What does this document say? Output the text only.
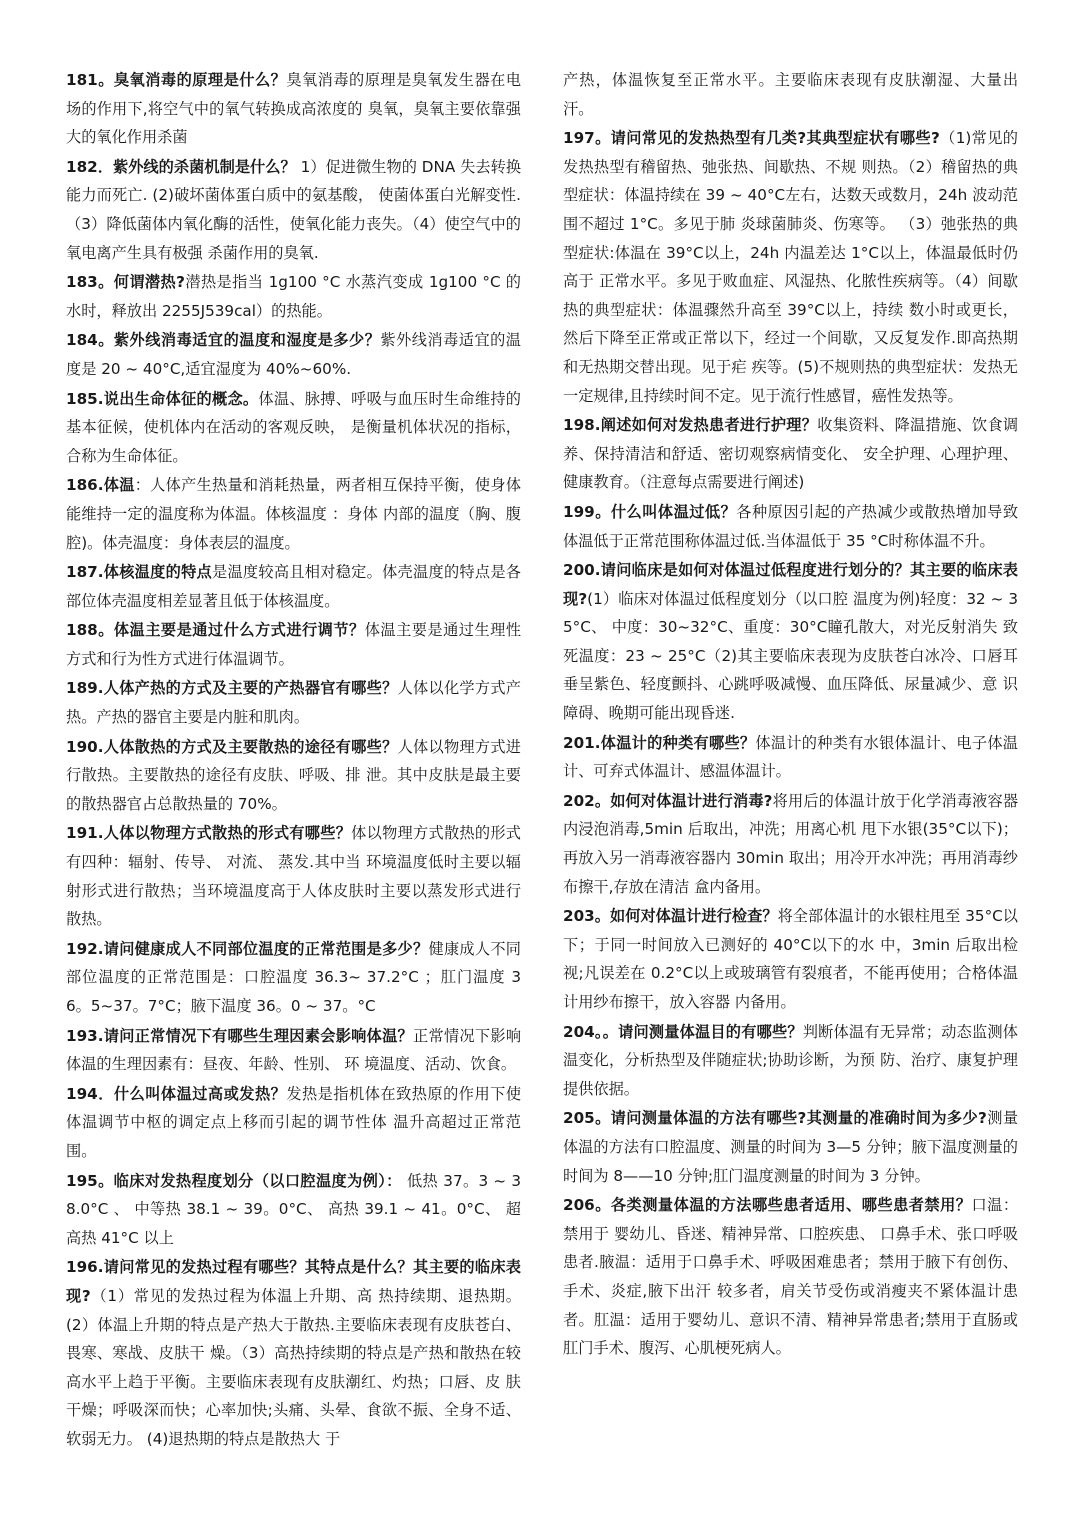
181。臭氧消毒的原理是什么？臭氧消毒的原理是臭氧发生器在电场的作用下,将空气中的氧气转换成高浓度的 臭氧，臭氧主要依靠强大的氧化作用杀菌

182．紫外线的杀菌机制是什么？ 1）促进微生物的 DNA 失去转换能力而死亡. (2)破坏菌体蛋白质中的氨基酸， 使菌体蛋白光解变性.（3）降低菌体内氧化酶的活性，使氧化能力丧失。（4）使空气中的氧电离产生具有极强 杀菌作用的臭氧.

183。何谓潜热?潜热是指当 1g100 °C 水蒸汽变成 1g100 °C 的水时，释放出 2255J539cal）的热能。

184。紫外线消毒适宜的温度和湿度是多少？紫外线消毒适宜的温度是 20 ~ 40°C,适宜湿度为 40%~60%.

185.说出生命体征的概念。体温、脉搏、呼吸与血压时生命维持的基本征候，使机体内在活动的客观反映， 是衡量机体状况的指标，合称为生命体征。

186.体温：人体产生热量和消耗热量，两者相互保持平衡，使身体能维持一定的温度称为体温。体核温度 ：身体 内部的温度（胸、腹腔)。体壳温度：身体表层的温度。

187.体核温度的特点是温度较高且相对稳定。体壳温度的特点是各部位体壳温度相差显著且低于体核温度。

188。体温主要是通过什么方式进行调节？体温主要是通过生理性方式和行为性方式进行体温调节。

189.人体产热的方式及主要的产热器官有哪些？人体以化学方式产热。产热的器官主要是内脏和肌肉。

190.人体散热的方式及主要散热的途径有哪些？人体以物理方式进行散热。主要散热的途径有皮肤、呼吸、排 泄。其中皮肤是最主要的散热器官占总散热量的 70%。

191.人体以物理方式散热的形式有哪些？体以物理方式散热的形式有四种：辐射、传导、 对流、 蒸发.其中当 环境温度低时主要以辐射形式进行散热；当环境温度高于人体皮肤时主要以蒸发形式进行散热。

192.请问健康成人不同部位温度的正常范围是多少？健康成人不同部位温度的正常范围是：口腔温度 36.3~ 37.2°C ；肛门温度 36。5~37。7°C；腋下温度 36。0 ~ 37。°C

193.请问正常情况下有哪些生理因素会影响体温？正常情况下影响体温的生理因素有：昼夜、年龄、性别、 环 境温度、活动、饮食。

194．什么叫体温过高或发热？发热是指机体在致热原的作用下使体温调节中枢的调定点上移而引起的调节性体 温升高超过正常范围。

195。临床对发热程度划分（以口腔温度为例）： 低热 37。3 ~ 38.0°C 、 中等热 38.1 ~ 39。0°C、 高热 39.1 ~ 41。0°C、 超高热 41°C 以上

196.请问常见的发热过程有哪些？其特点是什么？其主要的临床表现?（1）常见的发热过程为体温上升期、高 热持续期、退热期。(2）体温上升期的特点是产热大于散热.主要临床表现有皮肤苍白、畏寒、寒战、皮肤干 燥。（3）高热持续期的特点是产热和散热在较高水平上趋于平衡。主要临床表现有皮肤潮红、灼热；口唇、皮 肤干燥；呼吸深而快；心率加快;头痛、头晕、食欲不振、全身不适、软弱无力。 (4)退热期的特点是散热大 于

产热，体温恢复至正常水平。主要临床表现有皮肤潮湿、大量出汗。

197。请问常见的发热热型有几类?其典型症状有哪些?（1)常见的发热热型有稽留热、弛张热、间歇热、不规 则热。（2）稽留热的典型症状：体温持续在 39 ~ 40°C左右，达数天或数月，24h 波动范围不超过 1°C。多见于肺 炎球菌肺炎、伤寒等。 （3）弛张热的典型症状:体温在 39°C以上，24h 内温差达 1°C以上，体温最低时仍高于 正常水平。多见于败血症、风湿热、化脓性疾病等。（4）间歇热的典型症状：体温骤然升高至 39°C以上，持续 数小时或更长，然后下降至正常或正常以下，经过一个间歇，又反复发作.即高热期和无热期交替出现。见于疟 疾等。(5)不规则热的典型症状：发热无一定规律,且持续时间不定。见于流行性感冒，癌性发热等。

198.阐述如何对发热患者进行护理？收集资料、降温措施、饮食调养、保持清洁和舒适、密切观察病情变化、 安全护理、心理护理、健康教育。（注意每点需要进行阐述)

199。什么叫体温过低？各种原因引起的产热减少或散热增加导致体温低于正常范围称体温过低.当体温低于 35 °C时称体温不升。

200.请问临床是如何对体温过低程度进行划分的？其主要的临床表现?(1）临床对体温过低程度划分（以口腔 温度为例)轻度：32 ~ 35°C、 中度：30~32°C、重度：30°C瞳孔散大，对光反射消失 致死温度：23 ~ 25°C（2)其主要临床表现为皮肤苍白冰冷、口唇耳垂呈紫色、轻度颤抖、心跳呼吸减慢、血压降低、尿量减少、意 识障碍、晚期可能出现昏迷.

201.体温计的种类有哪些？体温计的种类有水银体温计、电子体温计、可弃式体温计、感温体温计。

202。如何对体温计进行消毒?将用后的体温计放于化学消毒液容器内浸泡消毒,5min 后取出，冲洗；用离心机 甩下水银(35°C以下)；再放入另一消毒液容器内 30min 取出；用冷开水冲洗；再用消毒纱布擦干,存放在清洁 盒内备用。

203。如何对体温计进行检查？将全部体温计的水银柱甩至 35°C以下；于同一时间放入已测好的 40°C以下的水 中，3min 后取出检视;凡误差在 0.2°C以上或玻璃管有裂痕者，不能再使用；合格体温计用纱布擦干，放入容器 内备用。

204。。请问测量体温目的有哪些？判断体温有无异常；动态监测体温变化，分析热型及伴随症状;协助诊断，为预 防、治疗、康复护理提供依据。

205。请问测量体温的方法有哪些?其测量的准确时间为多少?测量体温的方法有口腔温度、测量的时间为 3—5 分钟；腋下温度测量的时间为 8——10 分钟;肛门温度测量的时间为 3 分钟。

206。各类测量体温的方法哪些患者适用、哪些患者禁用？口温：禁用于 婴幼儿、昏迷、精神异常、口腔疾患、 口鼻手术、张口呼吸患者.腋温：适用于口鼻手术、呼吸困难患者；禁用于腋下有创伤、手术、炎症,腋下出汗 较多者，肩关节受伤或消瘦夹不紧体温计患者。肛温：适用于婴幼儿、意识不清、精神异常患者;禁用于直肠或 肛门手术、腹泻、心肌梗死病人。
